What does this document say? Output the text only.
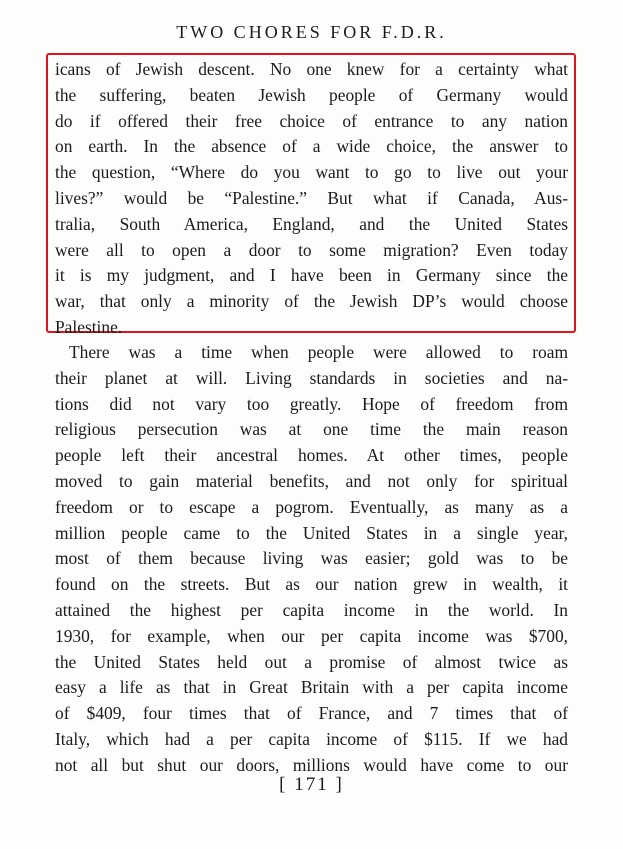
TWO CHORES FOR F.D.R.
icans of Jewish descent. No one knew for a certainty what
the suffering, beaten Jewish people of Germany would
do if offered their free choice of entrance to any nation
on earth. In the absence of a wide choice, the answer to
the question, “Where do you want to go to live out your
lives?” would be “Palestine.” But what if Canada, Aus-
tralia, South America, England, and the United States
were all to open a door to some migration? Even today
it is my judgment, and I have been in Germany since the
war, that only a minority of the Jewish DP’s would choose
Palestine.
There was a time when people were allowed to roam
their planet at will. Living standards in societies and na-
tions did not vary too greatly. Hope of freedom from
religious persecution was at one time the main reason
people left their ancestral homes. At other times, people
moved to gain material benefits, and not only for spiritual
freedom or to escape a pogrom. Eventually, as many as a
million people came to the United States in a single year,
most of them because living was easier; gold was to be
found on the streets. But as our nation grew in wealth, it
attained the highest per capita income in the world. In
1930, for example, when our per capita income was $700,
the United States held out a promise of almost twice as
easy a life as that in Great Britain with a per capita income
of $409, four times that of France, and 7 times that of
Italy, which had a per capita income of $115. If we had
not all but shut our doors, millions would have come to our
[ 171 ]
